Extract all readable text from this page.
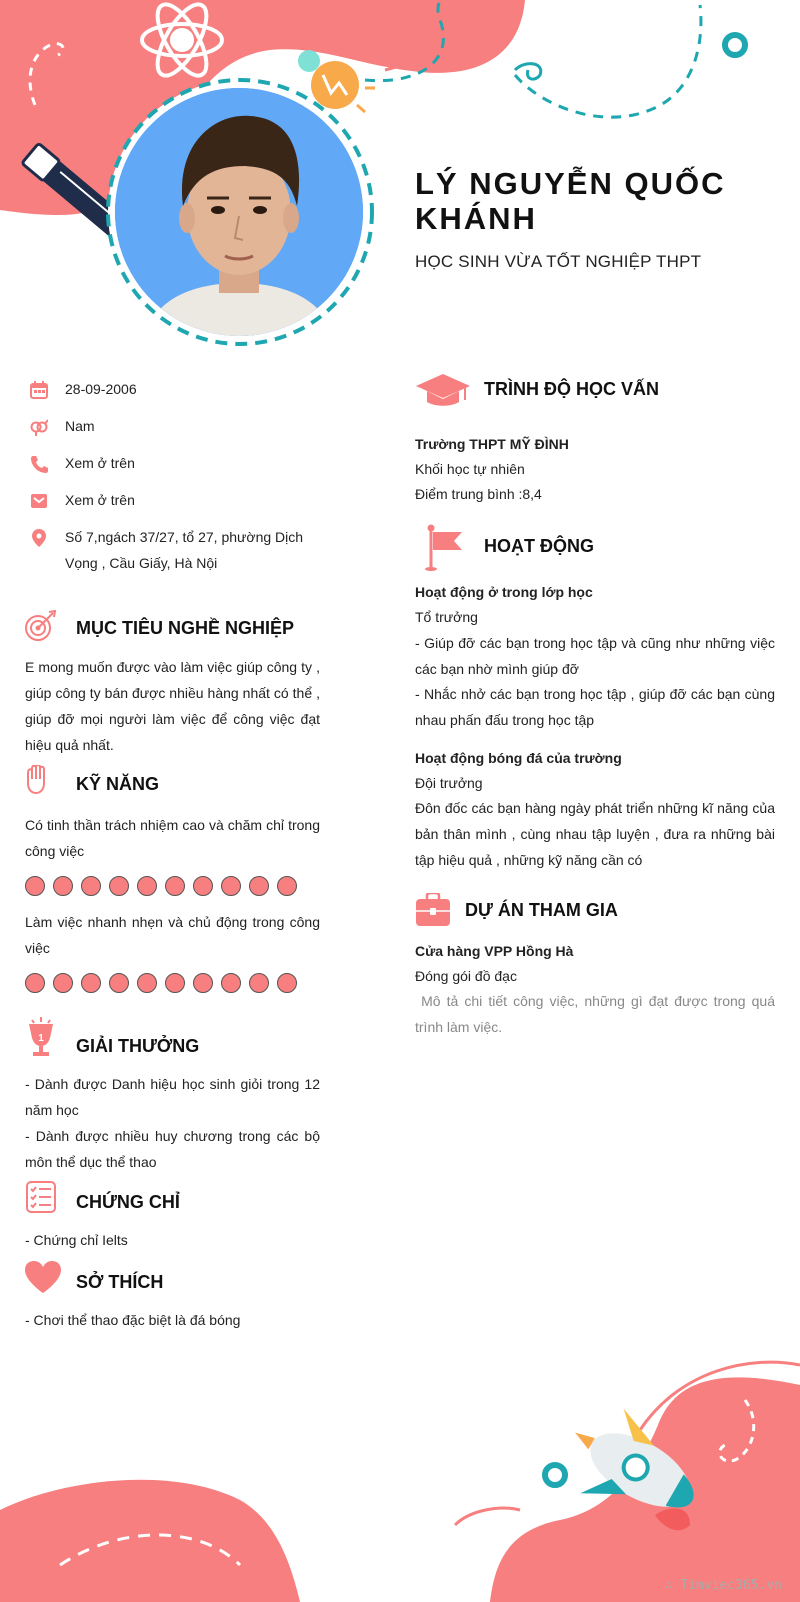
LÝ NGUYỄN QUỐC KHÁNH
HỌC SINH VỪA TỐT NGHIỆP THPT
28-09-2006
Nam
Xem ở trên
Xem ở trên
Số 7,ngách 37/27, tổ 27, phường Dịch Vọng , Cầu Giấy, Hà Nội
MỤC TIÊU NGHỀ NGHIỆP
E mong muốn được vào làm việc giúp công ty , giúp công ty bán được nhiều hàng nhất có thể , giúp đỡ mọi người làm việc để công việc đạt hiệu quả nhất.
KỸ NĂNG
Có tinh thần trách nhiệm cao và chăm chỉ trong công việc
Làm việc nhanh nhẹn và chủ động trong công việc
1 GIẢI THƯỞNG
- Dành được Danh hiệu học sinh giỏi trong 12 năm học
- Dành được nhiều huy chương trong các bộ môn thể dục thể thao
CHỨNG CHỈ
- Chứng chỉ Ielts
SỞ THÍCH
- Chơi thể thao đặc biệt là đá bóng
TRÌNH ĐỘ HỌC VẤN
Trường THPT MỸ ĐÌNH
Khối học tự nhiên
Điểm trung bình :8,4
HOẠT ĐỘNG
Hoạt động ở trong lớp học
Tổ trưởng
- Giúp đỡ các bạn trong học tập và cũng như những việc các bạn nhờ mình giúp đỡ
- Nhắc nhở các bạn trong học tập , giúp đỡ các bạn cùng nhau phấn đấu trong học tập
Hoạt động bóng đá của trường
Đội trưởng
Đôn đốc các bạn hàng ngày phát triển những kĩ năng của bản thân mình , cùng nhau tập luyện , đưa ra những bài tập hiệu quả , những kỹ năng cần có
DỰ ÁN THAM GIA
Cửa hàng VPP Hồng Hà
Đóng gói đồ đạc
Mô tả chi tiết công việc, những gì đạt được trong quá trình làm việc.
∴ Timviec365.vn
